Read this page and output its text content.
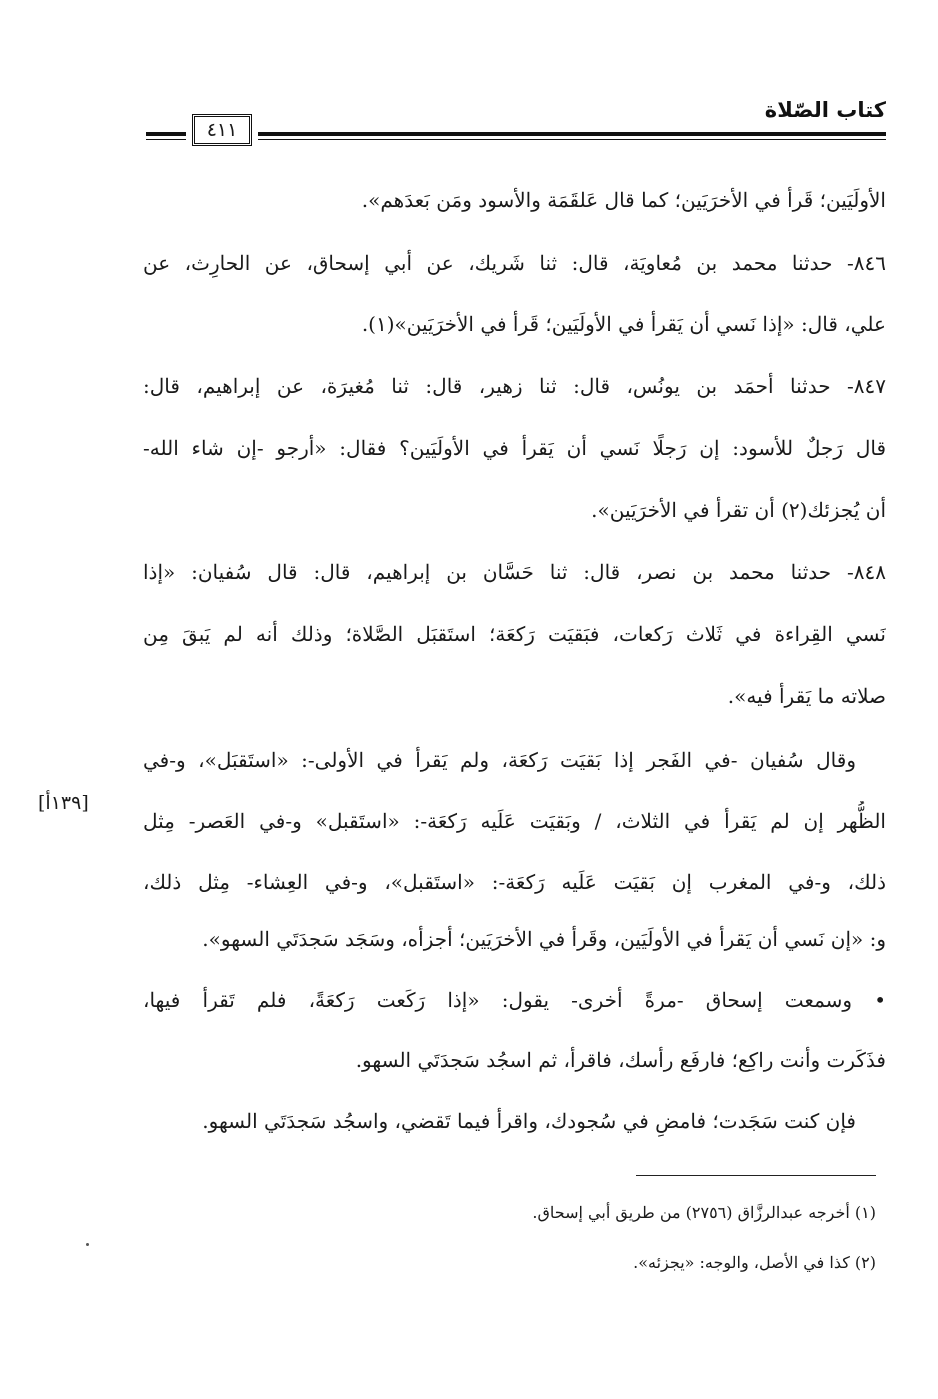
كتاب الصّلاة
٤١١
[١٣٩أ]
الأولَيَين؛ قَرأ في الأخرَيَين؛ كما قال عَلقَمَة والأسود ومَن بَعدَهم».
٨٤٦- حدثنا محمد بن مُعاويَة، قال: ثنا شَريك، عن أبي إسحاق، عن الحارِث، عن
علي، قال: «إذا نَسي أن يَقرأ في الأولَيَين؛ قَرأ في الأخرَيَين»(١).
٨٤٧- حدثنا أحمَد بن يونُس، قال: ثنا زهير، قال: ثنا مُغيرَة، عن إبراهيم، قال:
قال رَجلٌ للأسود: إن رَجلًا نَسي أن يَقرأ في الأولَيَين؟ فقال: «أرجو -إن شاء الله-
أن يُجزئك(٢) أن تقرأ في الأخرَيَين».
٨٤٨- حدثنا محمد بن نصر، قال: ثنا حَسَّان بن إبراهيم، قال: قال سُفيان: «إذا
نَسي القِراءة في ثَلاث رَكعات، فبَقيَت رَكعَة؛ استَقبَل الصَّلاة؛ وذلك أنه لم يَبقَ مِن
صلاته ما يَقرأ فيه».
وقال سُفيان -في الفَجر إذا بَقيَت رَكعَة، ولم يَقرأ في الأولى-: «استَقبَل»، و-في
الظُّهر إن لم يَقرأ في الثلاث، / وبَقيَت عَلَيه رَكعَة-: «استَقبل» و-في العَصر- مِثل
ذلك، و-في المغرب إن بَقيَت عَلَيه رَكعَة-: «استَقبل»، و-في العِشاء- مِثل ذلك،
و: «إن نَسي أن يَقرأ في الأولَيَين، وقَرأ في الأخرَيَين؛ أجزأه، وسَجَد سَجدَتَي السهو».
• وسمعت إسحاق -مرةً أخرى- يقول: «إذا رَكَعت رَكعَةً، فلم تَقرأ فيها،
فذَكَرت وأنت راكِع؛ فارفَع رأسك، فاقرأ، ثم اسجُد سَجدَتَي السهو.
فإن كنت سَجَدت؛ فامضِ في سُجودك، واقرأ فيما تَقضي، واسجُد سَجدَتَي السهو.
(١) أخرجه عبدالرزَّاق (٢٧٥٦) من طريق أبي إسحاق.
(٢) كذا في الأصل، والوجه: «يجزئه».
